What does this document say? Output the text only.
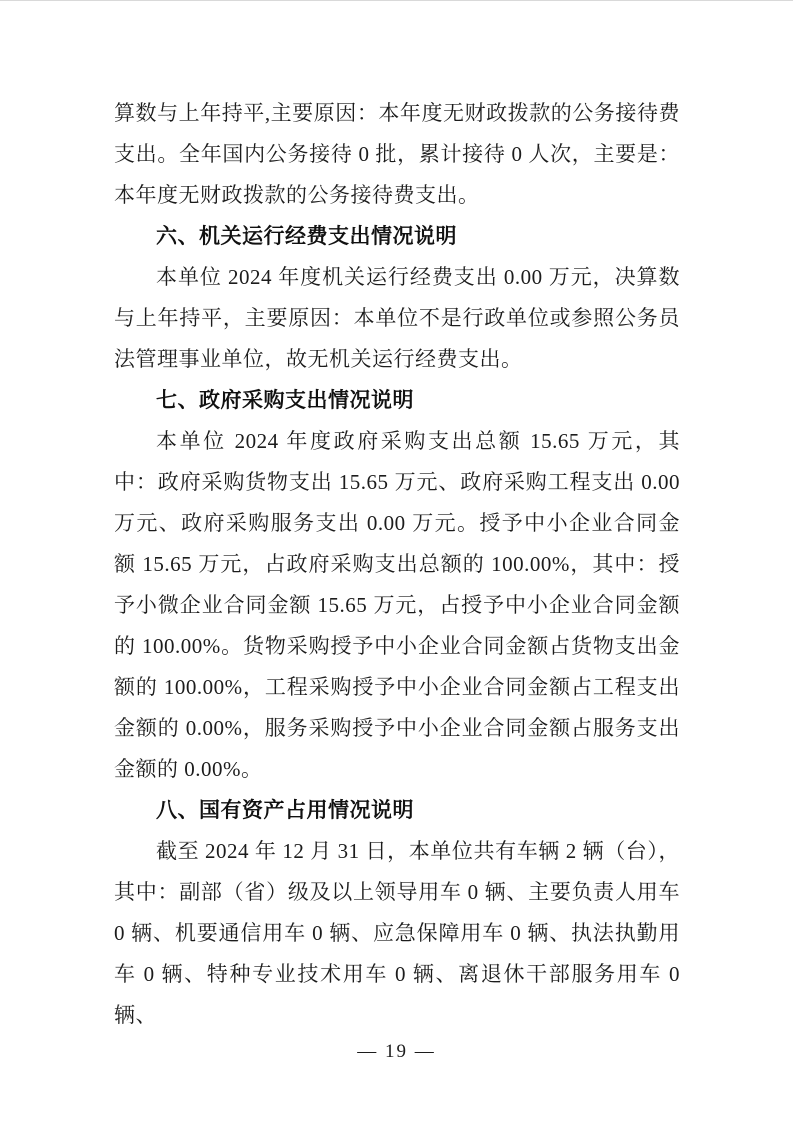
算数与上年持平,主要原因：本年度无财政拨款的公务接待费支出。全年国内公务接待 0 批，累计接待 0 人次，主要是：本年度无财政拨款的公务接待费支出。

六、机关运行经费支出情况说明

本单位 2024 年度机关运行经费支出 0.00 万元，决算数与上年持平，主要原因：本单位不是行政单位或参照公务员法管理事业单位，故无机关运行经费支出。

七、政府采购支出情况说明

本单位 2024 年度政府采购支出总额 15.65 万元，其中：政府采购货物支出 15.65 万元、政府采购工程支出 0.00 万元、政府采购服务支出 0.00 万元。授予中小企业合同金额 15.65 万元，占政府采购支出总额的 100.00%，其中：授予小微企业合同金额 15.65 万元，占授予中小企业合同金额的 100.00%。货物采购授予中小企业合同金额占货物支出金额的 100.00%，工程采购授予中小企业合同金额占工程支出金额的 0.00%，服务采购授予中小企业合同金额占服务支出金额的 0.00%。

八、国有资产占用情况说明

截至 2024 年 12 月 31 日，本单位共有车辆 2 辆（台），其中：副部（省）级及以上领导用车 0 辆、主要负责人用车 0 辆、机要通信用车 0 辆、应急保障用车 0 辆、执法执勤用车 0 辆、特种专业技术用车 0 辆、离退休干部服务用车 0 辆、

— 19 —
